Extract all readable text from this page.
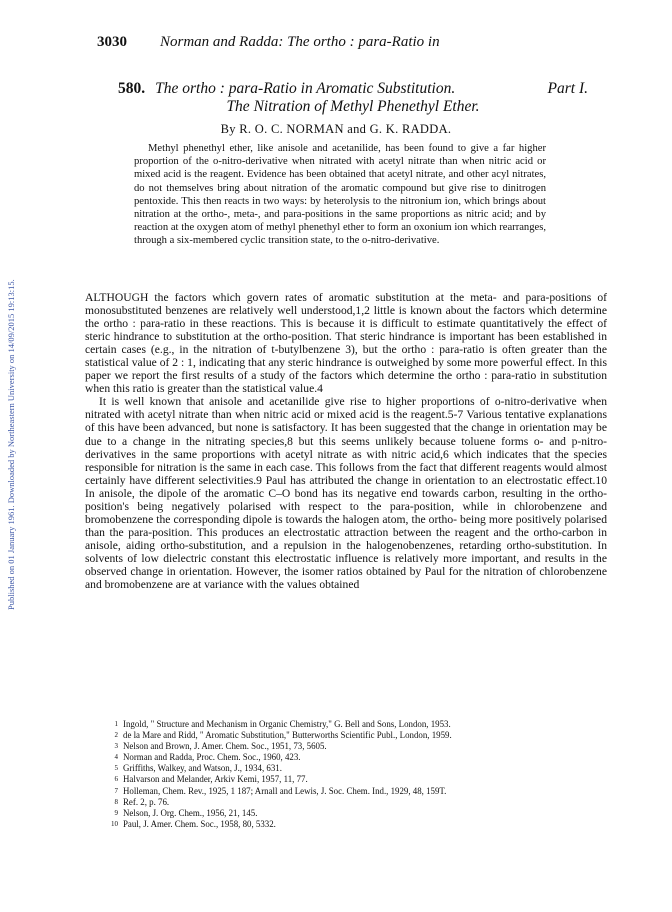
Published on 01 January 1961. Downloaded by Northeastern University on 14/09/2015 19:13:15.
3030 Norman and Radda: The ortho : para-Ratio in
580. The ortho : para-Ratio in Aromatic Substitution.	Part I.
The Nitration of Methyl Phenethyl Ether.
By R. O. C. NORMAN and G. K. RADDA.
Methyl phenethyl ether, like anisole and acetanilide, has been found to give a far higher proportion of the o-nitro-derivative when nitrated with acetyl nitrate than when nitric acid or mixed acid is the reagent. Evidence has been obtained that acetyl nitrate, and other acyl nitrates, do not themselves bring about nitration of the aromatic compound but give rise to dinitrogen pentoxide. This then reacts in two ways: by heterolysis to the nitronium ion, which brings about nitration at the ortho-, meta-, and para-positions in the same proportions as nitric acid; and by reaction at the oxygen atom of methyl phenethyl ether to form an oxonium ion which rearranges, through a six-membered cyclic transition state, to the o-nitro-derivative.

ALTHOUGH the factors which govern rates of aromatic substitution at the meta- and para-positions of monosubstituted benzenes are relatively well understood,1,2 little is known about the factors which determine the ortho : para-ratio in these reactions. This is because it is difficult to estimate quantitatively the effect of steric hindrance to substitution at the ortho-position. That steric hindrance is important has been established in certain cases (e.g., in the nitration of t-butylbenzene 3), but the ortho : para-ratio is often greater than the statistical value of 2 : 1, indicating that any steric hindrance is outweighed by some more powerful effect. In this paper we report the first results of a study of the factors which determine the ortho : para-ratio in substitution when this ratio is greater than the statistical value.4

It is well known that anisole and acetanilide give rise to higher proportions of o-nitro-derivative when nitrated with acetyl nitrate than when nitric acid or mixed acid is the reagent.5-7 Various tentative explanations of this have been advanced, but none is satisfactory. It has been suggested that the change in orientation may be due to a change in the nitrating species,8 but this seems unlikely because toluene forms o- and p-nitro-derivatives in the same proportions with acetyl nitrate as with nitric acid,6 which indicates that the species responsible for nitration is the same in each case. This follows from the fact that different reagents would almost certainly have different selectivities.9 Paul has attributed the change in orientation to an electrostatic effect.10 In anisole, the dipole of the aromatic C–O bond has its negative end towards carbon, resulting in the ortho-position's being negatively polarised with respect to the para-position, while in chlorobenzene and bromobenzene the corresponding dipole is towards the halogen atom, the ortho- being more positively polarised than the para-position. This produces an electrostatic attraction between the reagent and the ortho-carbon in anisole, aiding ortho-substitution, and a repulsion in the halogenobenzenes, retarding ortho-substitution. In solvents of low dielectric constant this electrostatic influence is relatively more important, and results in the observed change in orientation. However, the isomer ratios obtained by Paul for the nitration of chlorobenzene and bromobenzene are at variance with the values obtained

1 Ingold, " Structure and Mechanism in Organic Chemistry," G. Bell and Sons, London, 1953.
2 de la Mare and Ridd, " Aromatic Substitution," Butterworths Scientific Publ., London, 1959.
3 Nelson and Brown, J. Amer. Chem. Soc., 1951, 73, 5605.
4 Norman and Radda, Proc. Chem. Soc., 1960, 423.
5 Griffiths, Walkey, and Watson, J., 1934, 631.
6 Halvarson and Melander, Arkiv Kemi, 1957, 11, 77.
7 Holleman, Chem. Rev., 1925, 1 187; Arnall and Lewis, J. Soc. Chem. Ind., 1929, 48, 159T.
8 Ref. 2, p. 76.
9 Nelson, J. Org. Chem., 1956, 21, 145.
10 Paul, J. Amer. Chem. Soc., 1958, 80, 5332.
